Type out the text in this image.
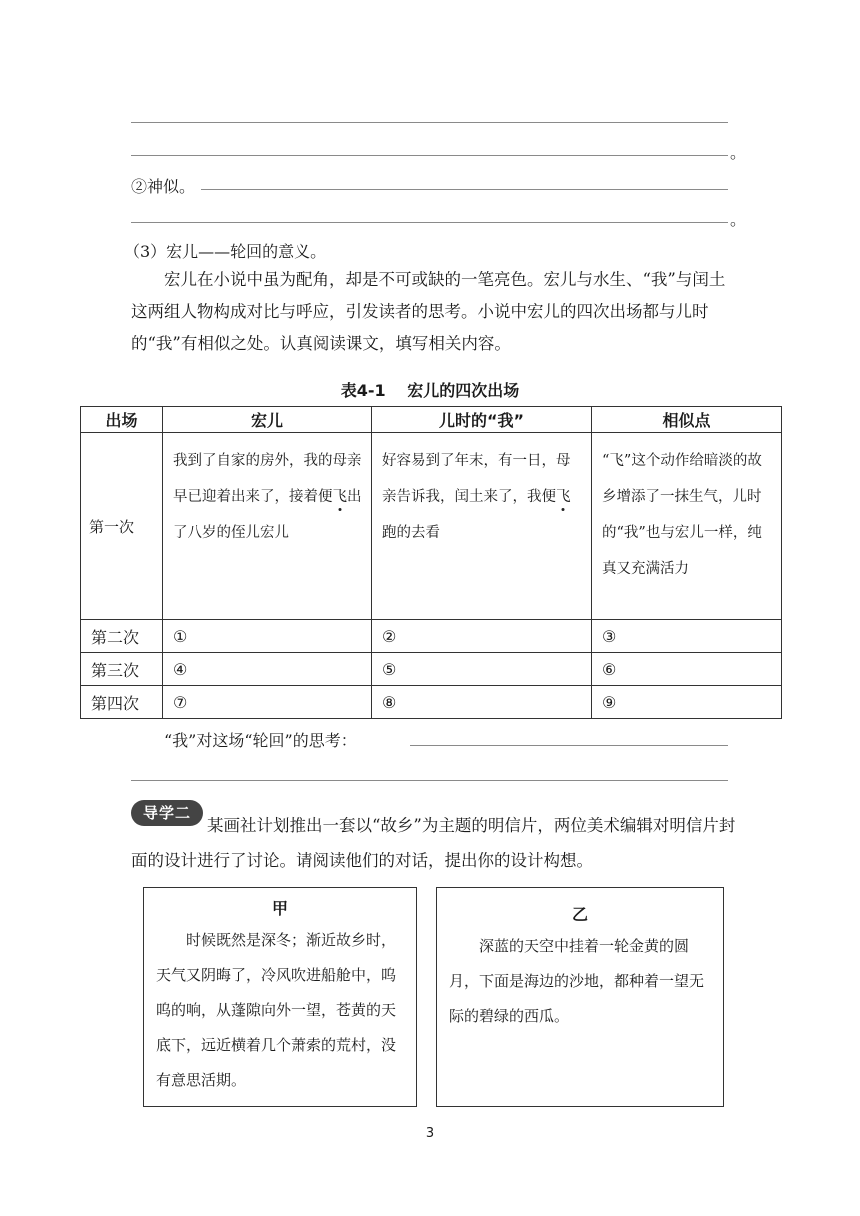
。
②神似。
。
（3）宏儿——轮回的意义。
宏儿在小说中虽为配角，却是不可或缺的一笔亮色。宏儿与水生、“我”与闰土这两组人物构成对比与呼应，引发读者的思考。小说中宏儿的四次出场都与儿时的“我”有相似之处。认真阅读课文，填写相关内容。
表4-1　 宏儿的四次出场
出场	宏儿	儿时的“我”	相似点
第一次	我到了自家的房外，我的母亲早已迎着出来了，接着便飞出了八岁的侄儿宏儿	好容易到了年末，有一日，母亲告诉我，闰土来了，我便飞跑的去看	“飞”这个动作给暗淡的故乡增添了一抹生气，儿时的“我”也与宏儿一样，纯真又充满活力
第二次	①	②	③
第三次	④	⑤	⑥
第四次	⑦	⑧	⑨
“我”对这场“轮回”的思考：
导学二
某画社计划推出一套以“故乡”为主题的明信片，两位美术编辑对明信片封面的设计进行了讨论。请阅读他们的对话，提出你的设计构想。
甲
时候既然是深冬；渐近故乡时，天气又阴晦了，冷风吹进船舱中，呜呜的响，从蓬隙向外一望，苍黄的天底下，远近横着几个萧索的荒村，没有意思活期。
乙
深蓝的天空中挂着一轮金黄的圆月，下面是海边的沙地，都种着一望无际的碧绿的西瓜。
3
